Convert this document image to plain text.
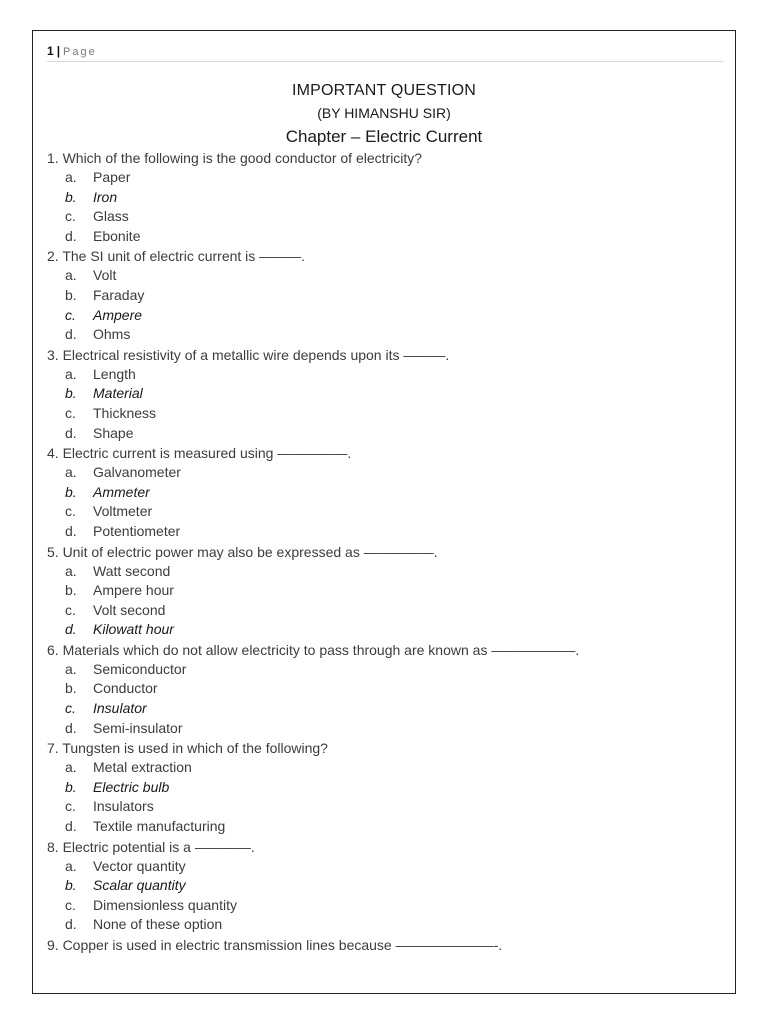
1 | Page
IMPORTANT QUESTION
(BY HIMANSHU SIR)
Chapter – Electric Current
1. Which of the following is the good conductor of electricity?
a. Paper
b. Iron
c. Glass
d. Ebonite
2. The SI unit of electric current is ———.
a. Volt
b. Faraday
c. Ampere
d. Ohms
3. Electrical resistivity of a metallic wire depends upon its ———.
a. Length
b. Material
c. Thickness
d. Shape
4. Electric current is measured using —————.
a. Galvanometer
b. Ammeter
c. Voltmeter
d. Potentiometer
5. Unit of electric power may also be expressed as —————.
a. Watt second
b. Ampere hour
c. Volt second
d. Kilowatt hour
6. Materials which do not allow electricity to pass through are known as ——————.
a. Semiconductor
b. Conductor
c. Insulator
d. Semi-insulator
7. Tungsten is used in which of the following?
a. Metal extraction
b. Electric bulb
c. Insulators
d. Textile manufacturing
8. Electric potential is a ————.
a. Vector quantity
b. Scalar quantity
c. Dimensionless quantity
d. None of these option
9. Copper is used in electric transmission lines because ———————-.
